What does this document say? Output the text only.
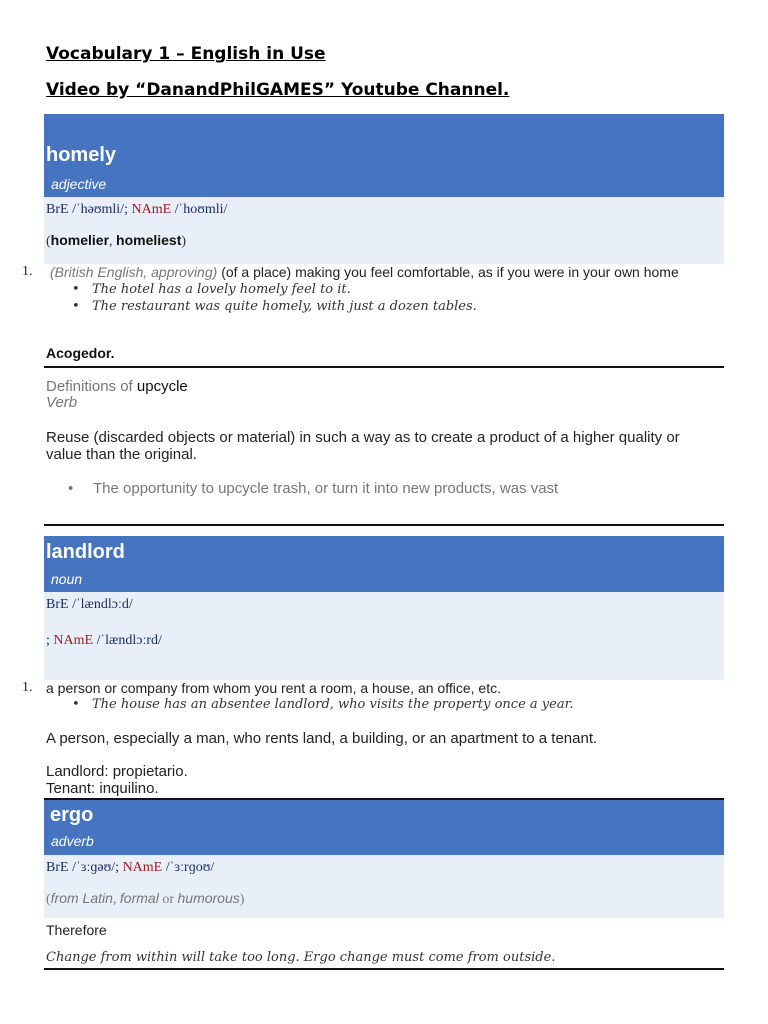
Vocabulary 1 – English in Use
Video by “DanandPhilGAMES” Youtube Channel.
homely
adjective
BrE /ˈhəʊmli/; NAmE /ˈhoʊmli/
(homelier, homeliest)
1. (British English, approving) (of a place) making you feel comfortable, as if you were in your own home
• The hotel has a lovely homely feel to it.
• The restaurant was quite homely, with just a dozen tables.
Acogedor.
Definitions of upcycle
Verb
Reuse (discarded objects or material) in such a way as to create a product of a higher quality or value than the original.
• The opportunity to upcycle trash, or turn it into new products, was vast
landlord
noun
BrE /ˈlændlɔːd/
; NAmE /ˈlændlɔːrd/
1. a person or company from whom you rent a room, a house, an office, etc.
• The house has an absentee landlord, who visits the property once a year.
A person, especially a man, who rents land, a building, or an apartment to a tenant.
Landlord: propietario.
Tenant: inquilino.
ergo
adverb
BrE /ˈɜːɡəʊ/; NAmE /ˈɜːrɡoʊ/
(from Latin, formal or humorous)
Therefore
Change from within will take too long. Ergo change must come from outside.
